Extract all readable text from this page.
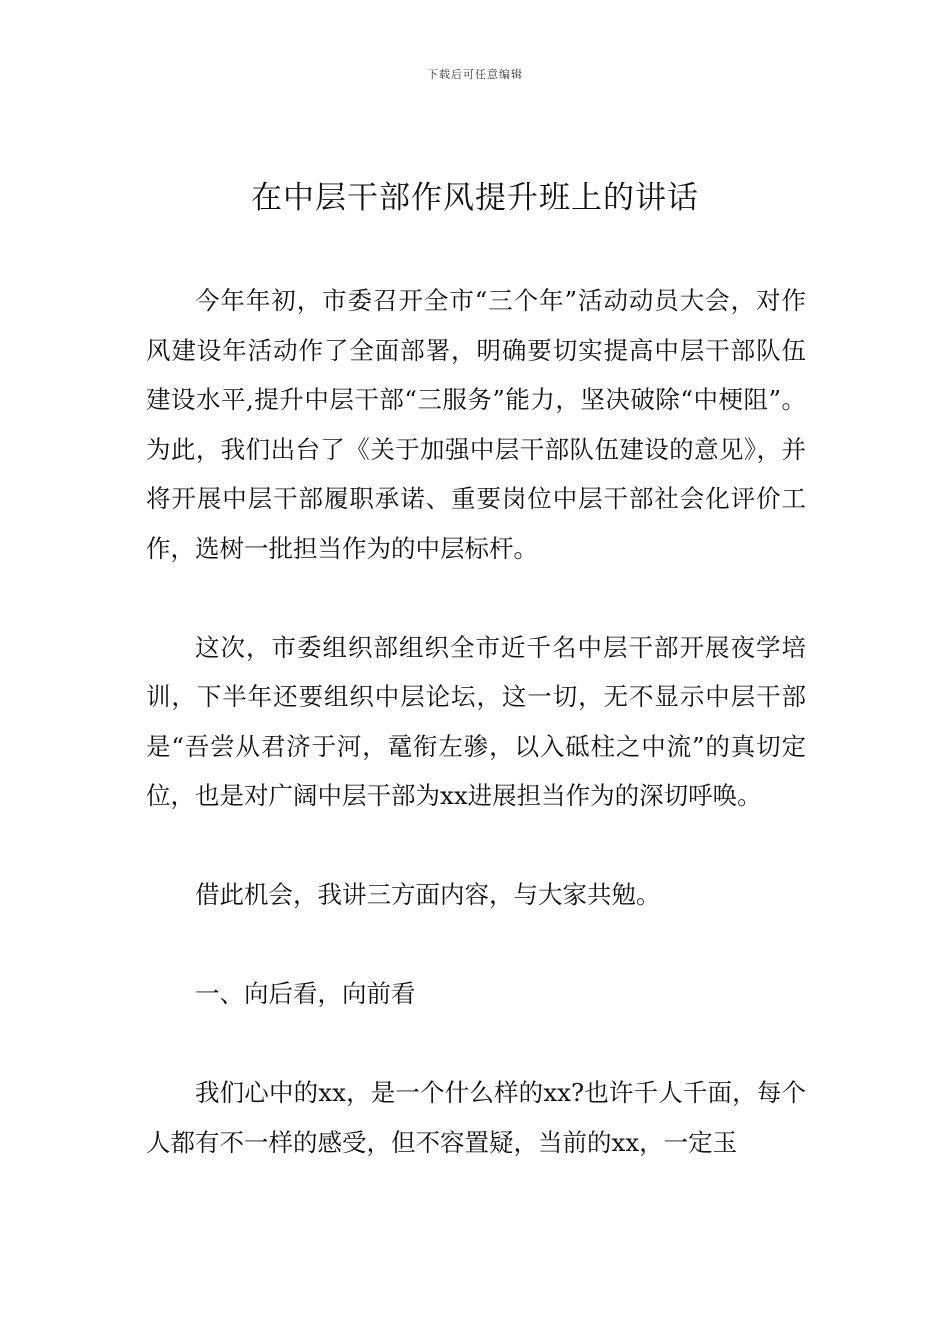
下载后可任意编辑
在中层干部作风提升班上的讲话

今年年初，市委召开全市“三个年”活动动员大会，对作风建设年活动作了全面部署，明确要切实提高中层干部队伍建设水平,提升中层干部“三服务”能力，坚决破除“中梗阻”。为此，我们出台了《关于加强中层干部队伍建设的意见》，并将开展中层干部履职承诺、重要岗位中层干部社会化评价工作，选树一批担当作为的中层标杆。

这次，市委组织部组织全市近千名中层干部开展夜学培训，下半年还要组织中层论坛，这一切，无不显示中层干部是“吾尝从君济于河，鼋衔左骖，以入砥柱之中流”的真切定位，也是对广阔中层干部为xx进展担当作为的深切呼唤。

借此机会，我讲三方面内容，与大家共勉。

一、向后看，向前看

我们心中的xx，是一个什么样的xx?也许千人千面，每个人都有不一样的感受，但不容置疑，当前的xx，一定玉
